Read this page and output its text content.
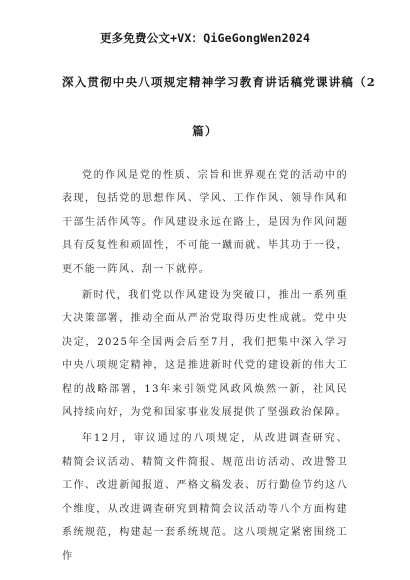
更多免费公文+VX：QiGeGongWen2024

深入贯彻中央八项规定精神学习教育讲话稿党课讲稿（2

篇）

党的作风是党的性质、宗旨和世界观在党的活动中的表现，包括党的思想作风、学风、工作作风、领导作风和干部生活作风等。作风建设永远在路上，是因为作风问题具有反复性和顽固性，不可能一蹴而就、毕其功于一役，更不能一阵风、刮一下就停。

新时代，我们党以作风建设为突破口，推出一系列重大决策部署，推动全面从严治党取得历史性成就。党中央决定，2025年全国两会后至7月，我们把集中深入学习中央八项规定精神，这是推进新时代党的建设新的伟大工程的战略部署，13年来引领党风政风焕然一新，社风民风持续向好，为党和国家事业发展提供了坚强政治保障。

年12月，审议通过的八项规定，从改进调查研究、精简会议活动、精简文件简报、规范出访活动、改进警卫工作、改进新闻报道、严格文稿发表、厉行勤俭节约这八个维度，从改进调查研究到精简会议活动等八个方面构建系统规范，构建起一套系统规范。这八项规定紧密围绕工作
